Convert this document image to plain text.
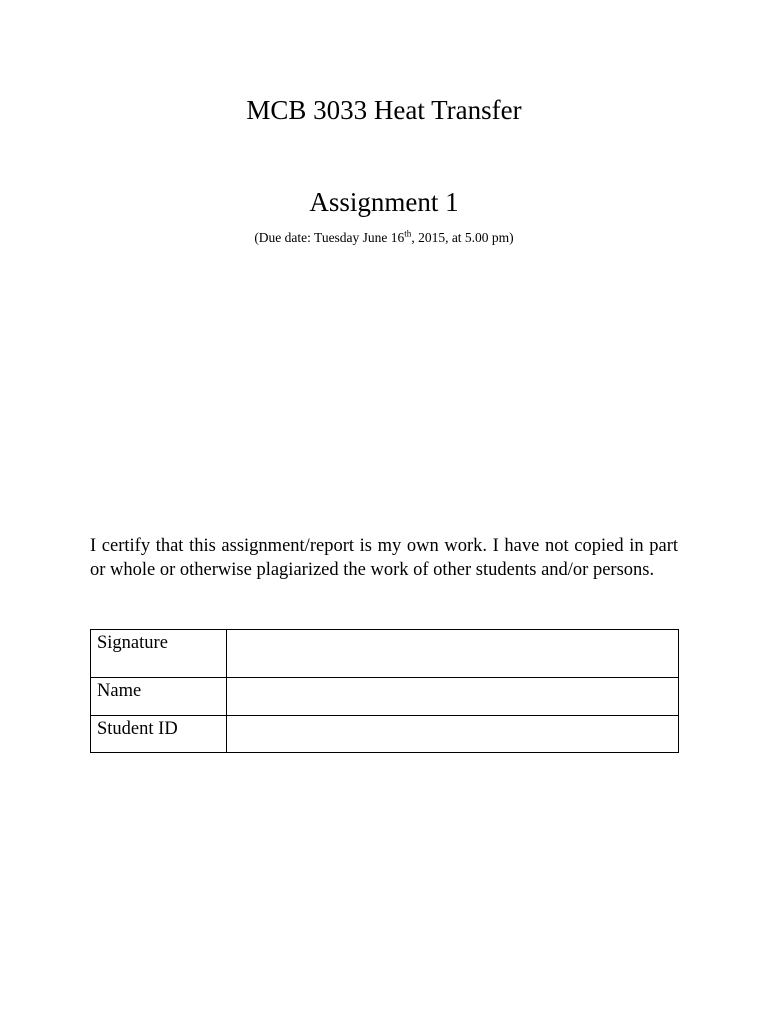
MCB 3033 Heat Transfer
Assignment 1
(Due date: Tuesday June 16th, 2015, at 5.00 pm)
I certify that this assignment/report is my own work. I have not copied in part or whole or otherwise plagiarized the work of other students and/or persons.
Signature	
Name	
Student ID	
